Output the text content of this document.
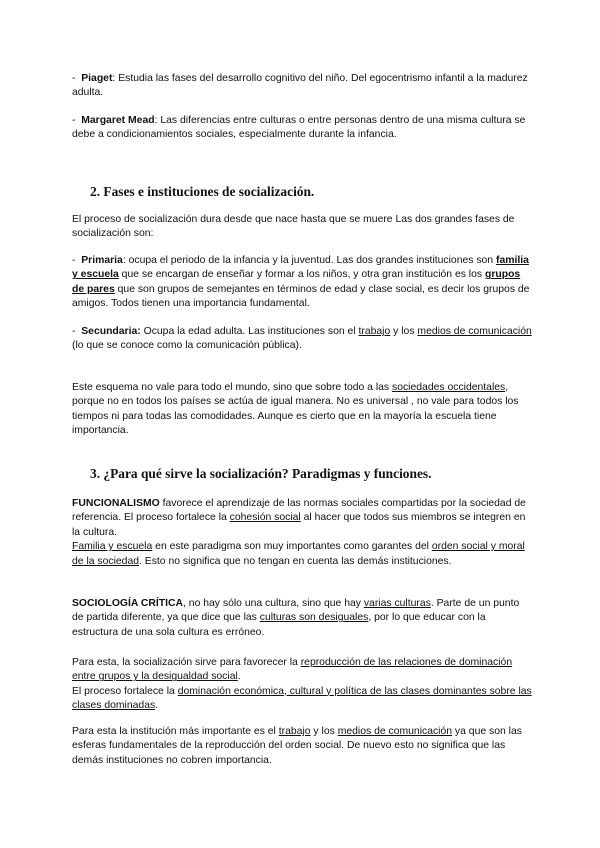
-  Piaget: Estudia las fases del desarrollo cognitivo del niño. Del egocentrismo infantil a la madurez adulta.

-  Margaret Mead: Las diferencias entre culturas o entre personas dentro de una misma cultura se debe a condicionamientos sociales, especialmente durante la infancia.

2. Fases e instituciones de socialización.

El proceso de socialización dura desde que nace hasta que se muere Las dos grandes fases de socialización son:

-  Primaria: ocupa el periodo de la infancia y la juventud. Las dos grandes instituciones son familia y escuela que se encargan de enseñar y formar a los niños, y otra gran institución es los grupos de pares que son grupos de semejantes en términos de edad y clase social, es decir los grupos de amigos. Todos tienen una importancia fundamental.

-  Secundaria: Ocupa la edad adulta. Las instituciones son el trabajo y los medios de comunicación (lo que se conoce como la comunicación pública).

Este esquema no vale para todo el mundo, sino que sobre todo a las sociedades occidentales, porque no en todos los países se actúa de igual manera. No es universal , no vale para todos los tiempos ni para todas las comodidades. Aunque es cierto que en la mayoría la escuela tiene importancia.

3. ¿Para qué sirve la socialización? Paradigmas y funciones.

FUNCIONALISMO favorece el aprendizaje de las normas sociales compartidas por la sociedad de referencia. El proceso fortalece la cohesión social al hacer que todos sus miembros se integren en la cultura.
Familia y escuela en este paradigma son muy importantes como garantes del orden social y moral de la sociedad. Esto no significa que no tengan en cuenta las demás instituciones.

SOCIOLOGÍA CRÍTICA, no hay sólo una cultura, sino que hay varias culturas. Parte de un punto de partida diferente, ya que dice que las culturas son desiguales, por lo que educar con la estructura de una sola cultura es erróneo.

Para esta, la socialización sirve para favorecer la reproducción de las relaciones de dominación entre grupos y la desigualdad social.
El proceso fortalece la dominación económica, cultural y política de las clases dominantes sobre las clases dominadas.

Para esta la institución más importante es el trabajo y los medios de comunicación ya que son las esferas fundamentales de la reproducción del orden social. De nuevo esto no significa que las demás instituciones no cobren importancia.
